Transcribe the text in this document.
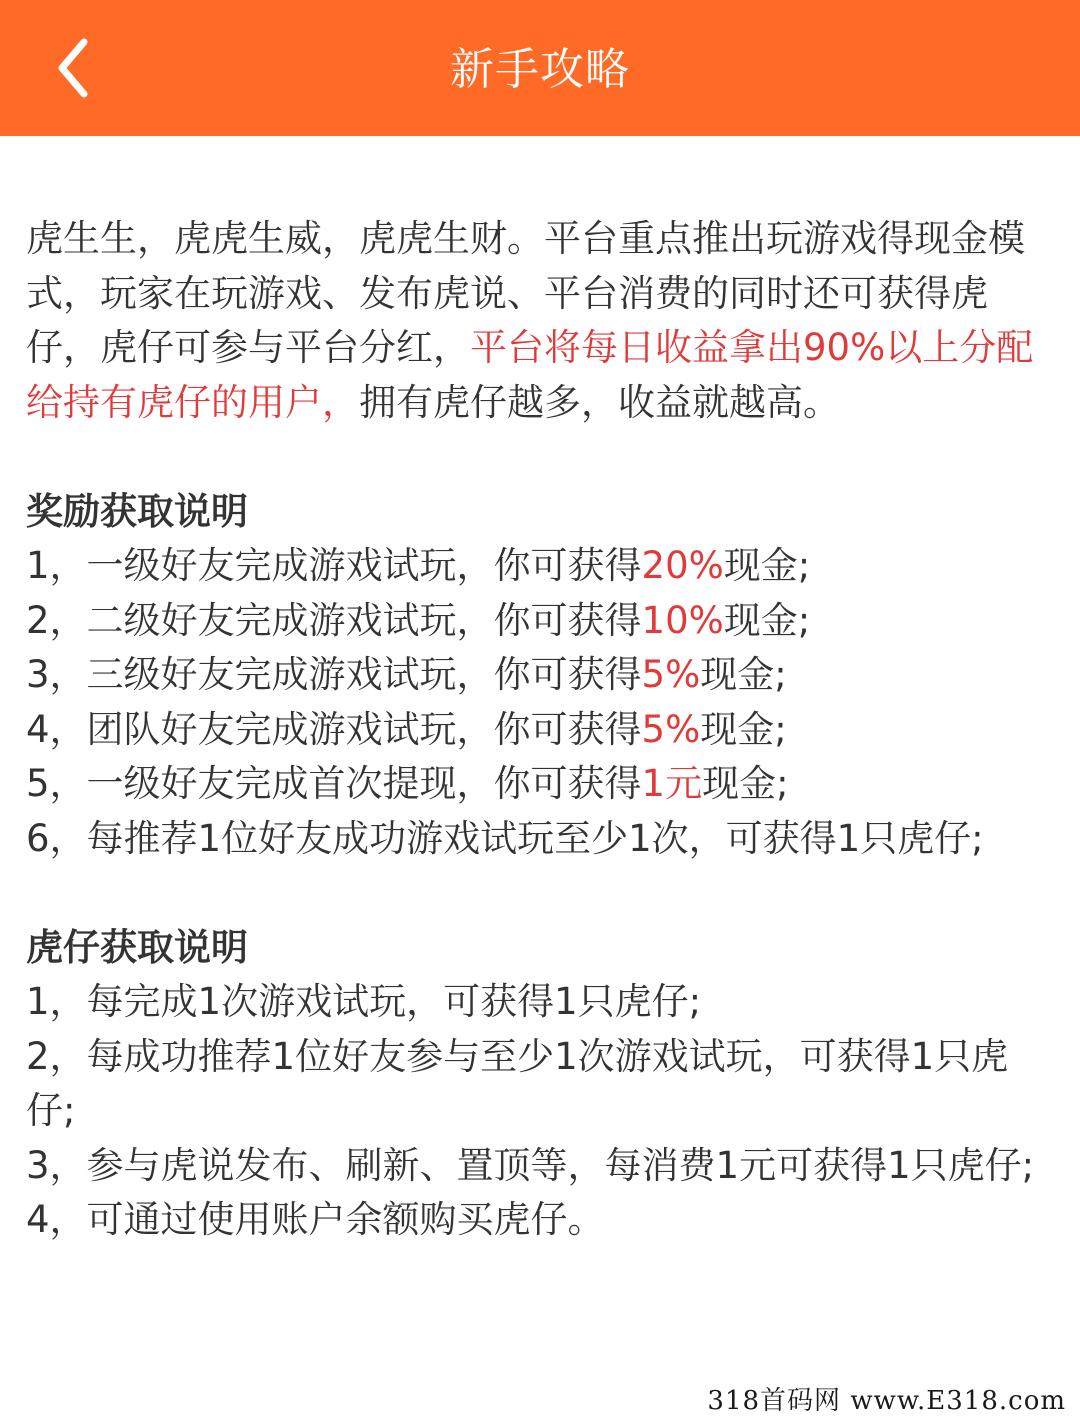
新手攻略

虎生生，虎虎生威，虎虎生财。平台重点推出玩游戏得现金模式，玩家在玩游戏、发布虎说、平台消费的同时还可获得虎仔，虎仔可参与平台分红，平台将每日收益拿出90%以上分配给持有虎仔的用户，拥有虎仔越多，收益就越高。

奖励获取说明
1，一级好友完成游戏试玩，你可获得20%现金;
2，二级好友完成游戏试玩，你可获得10%现金;
3，三级好友完成游戏试玩，你可获得5%现金;
4，团队好友完成游戏试玩，你可获得5%现金;
5，一级好友完成首次提现，你可获得1元现金;
6，每推荐1位好友成功游戏试玩至少1次，可获得1只虎仔;
虎仔获取说明
1，每完成1次游戏试玩，可获得1只虎仔;
2，每成功推荐1位好友参与至少1次游戏试玩，可获得1只虎仔;
3，参与虎说发布、刷新、置顶等，每消费1元可获得1只虎仔;
4，可通过使用账户余额购买虎仔。
318首码网 www.E318.com
